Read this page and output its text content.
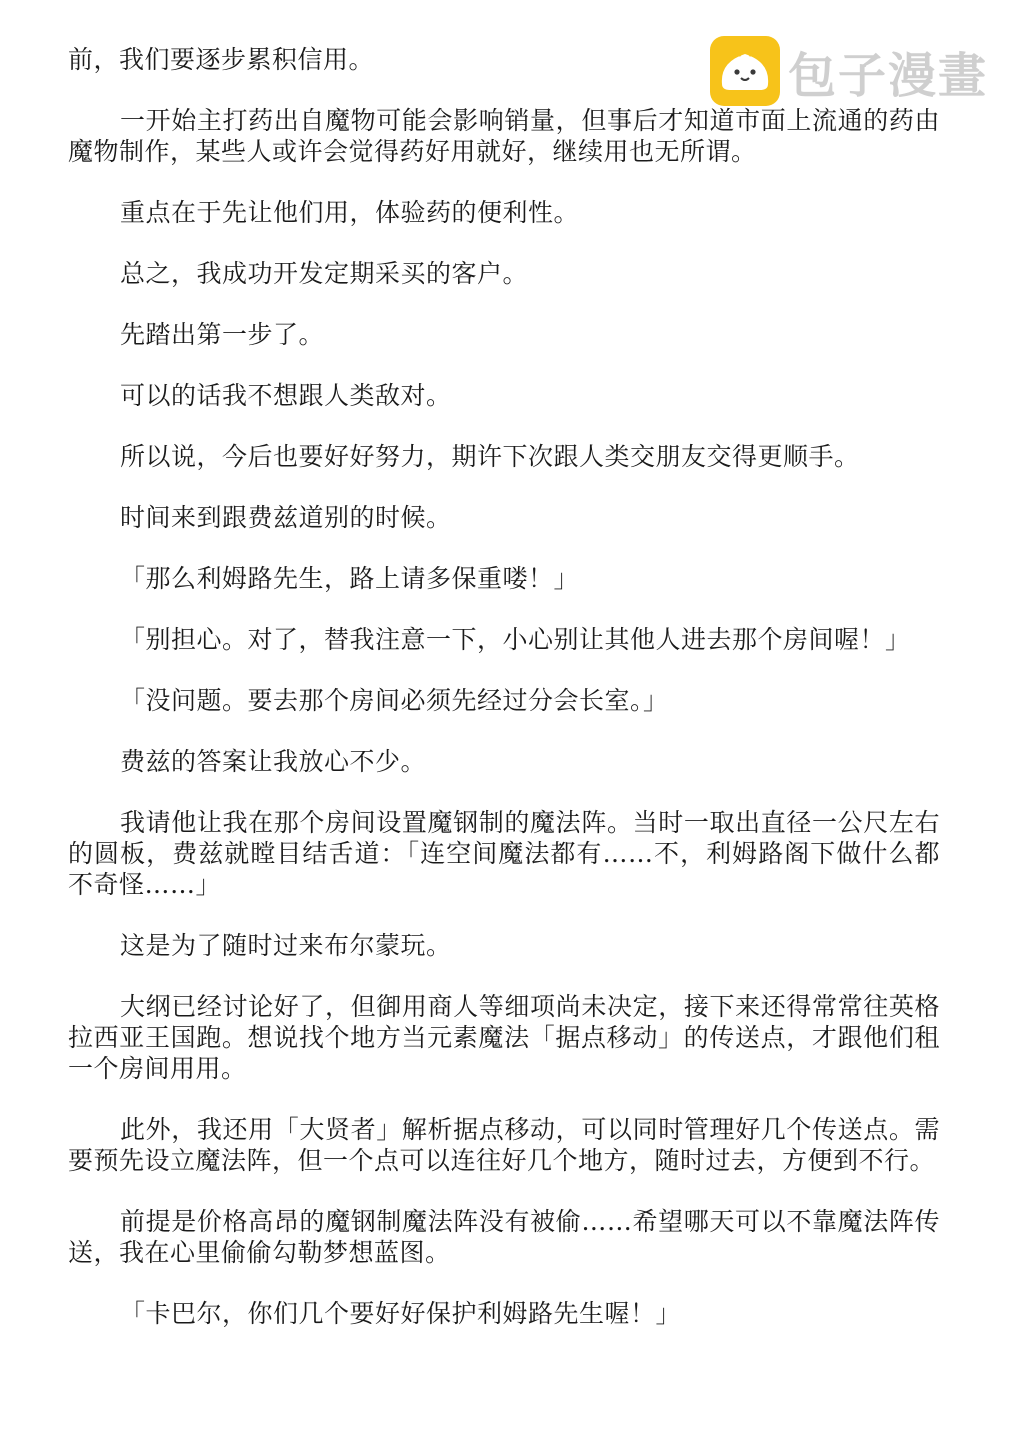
包子漫畫

前，我们要逐步累积信用。

一开始主打药出自魔物可能会影响销量，但事后才知道市面上流通的药由魔物制作，某些人或许会觉得药好用就好，继续用也无所谓。

重点在于先让他们用，体验药的便利性。

总之，我成功开发定期采买的客户。

先踏出第一步了。

可以的话我不想跟人类敌对。

所以说，今后也要好好努力，期许下次跟人类交朋友交得更顺手。

时间来到跟费兹道别的时候。

「那么利姆路先生，路上请多保重喽！」

「别担心。对了，替我注意一下，小心别让其他人进去那个房间喔！」

「没问题。要去那个房间必须先经过分会长室。」

费兹的答案让我放心不少。

我请他让我在那个房间设置魔钢制的魔法阵。当时一取出直径一公尺左右的圆板，费兹就瞠目结舌道：「连空间魔法都有……不，利姆路阁下做什么都不奇怪……」

这是为了随时过来布尔蒙玩。

大纲已经讨论好了，但御用商人等细项尚未决定，接下来还得常常往英格拉西亚王国跑。想说找个地方当元素魔法「据点移动」的传送点，才跟他们租一个房间用用。

此外，我还用「大贤者」解析据点移动，可以同时管理好几个传送点。需要预先设立魔法阵，但一个点可以连往好几个地方，随时过去，方便到不行。

前提是价格高昂的魔钢制魔法阵没有被偷……希望哪天可以不靠魔法阵传送，我在心里偷偷勾勒梦想蓝图。

「卡巴尔，你们几个要好好保护利姆路先生喔！」
